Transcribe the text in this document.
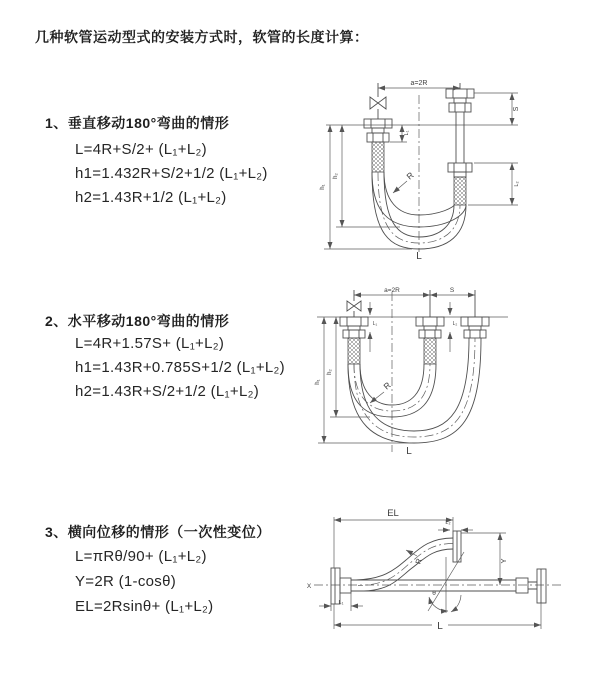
几种软管运动型式的安装方式时，软管的长度计算：
1、垂直移动180°弯曲的情形
L=4R+S/2+ (L₁+L₂)
h1=1.432R+S/2+1/2 (L₁+L₂)
h2=1.43R+1/2 (L₁+L₂)
2、水平移动180°弯曲的情形
L=4R+1.57S+ (L₁+L₂)
h1=1.43R+0.785S+1/2 (L₁+L₂)
h2=1.43R+S/2+1/2 (L₁+L₂)
3、横向位移的情形（一次性变位）
L=πRθ/90+ (L₁+L₂)
Y=2R (1-cosθ)
EL=2Rsinθ+ (L₁+L₂)
a=2R
S
L₁
L₂
h₁
h₂	R
L
a=2R	S
L₁	L₂
h₁
h₂
R
L
EL
L₂
Y
X
L₁
L
R
θ
